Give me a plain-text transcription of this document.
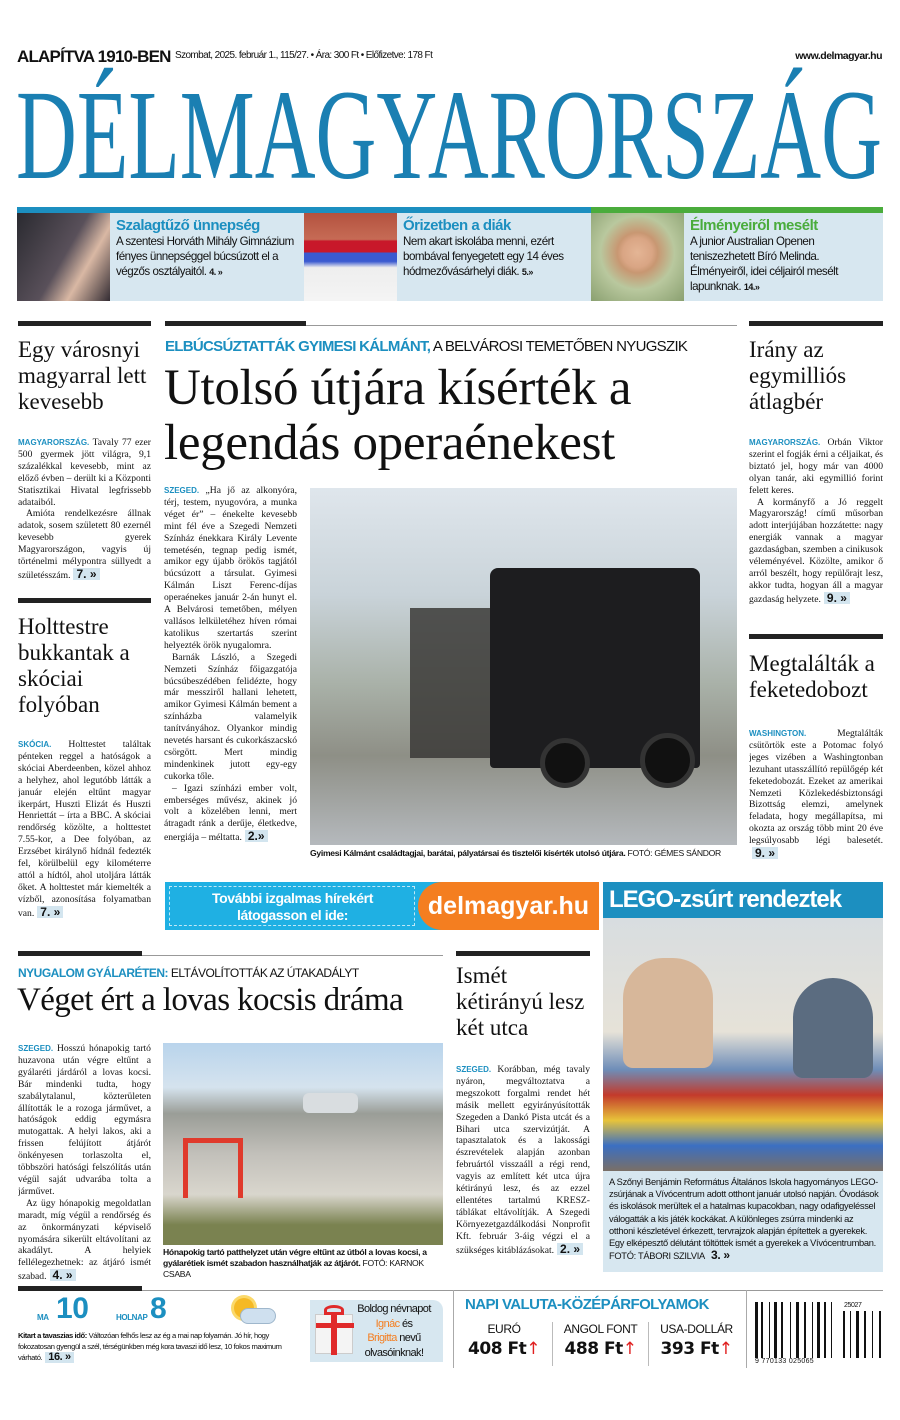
ALAPÍTVA 1910-BEN Szombat, 2025. február 1., 115/27. • Ára: 300 Ft • Előfizetve: 178 Ft	www.delmagyar.hu
DÉLMAGYARORSZÁG
Szalagtűző ünnepség

A szentesi Horváth Mihály Gimnázium fényes ünnepséggel búcsúzott el a végzős osztályaitól. 4. »

Őrizetben a diák

Nem akart iskolába menni, ezért bombával fenyegetett egy 14 éves hódmezővásárhelyi diák. 5.»

Élményeiről mesélt

A junior Australian Openen teniszezhetett Bíró Melinda. Élményeiről, idei céljairól mesélt lapunknak. 14.»

Egy városnyi magyarral lett kevesebb

MAGYARORSZÁG. Tavaly 77 ezer 500 gyermek jött világra, 9,1 százalékkal kevesebb, mint az előző évben – derült ki a Központi Statisztikai Hivatal legfrissebb adataiból.

Amióta rendelkezésre állnak adatok, sosem született 80 ezernél kevesebb gyerek Magyarországon, vagyis új történelmi mélypontra süllyedt a születésszám. 7. »

Holttestre bukkantak a skóciai folyóban

SKÓCIA. Holttestet találtak pénteken reggel a hatóságok a skóciai Aberdeenben, közel ahhoz a helyhez, ahol legutóbb látták a január elején eltűnt magyar ikerpárt, Huszti Elizát és Huszti Henriettát – írta a BBC. A skóciai rendőrség közölte, a holttestet 7.55-kor, a Dee folyóban, az Erzsébet királynő hídnál fedezték fel, körülbelül egy kilométerre attól a hídtól, ahol utoljára látták őket. A holttestet már kiemelték a vízből, azonosítása folyamatban van. 7. »

ELBÚCSÚZTATTÁK GYIMESI KÁLMÁNT, A BELVÁROSI TEMETŐBEN NYUGSZIK
Utolsó útjára kísérték a legendás operaénekest

SZEGED. „Ha jő az alkonyóra, térj, testem, nyugovóra, a munka véget ér” – énekelte kevesebb mint fél éve a Szegedi Nemzeti Színház énekkara Király Levente temetésén, tegnap pedig ismét, amikor egy újabb örökös tagjától búcsúzott a társulat. Gyimesi Kálmán Liszt Ferenc-díjas operaénekes január 2-án hunyt el. A Belvárosi temetőben, mélyen vallásos lelkületéhez híven római katolikus szertartás szerint helyezték örök nyugalomra.

Barnák László, a Szegedi Nemzeti Színház főigazgatója búcsúbeszédében felidézte, hogy már messziről hallani lehetett, amikor Gyimesi Kálmán bement a színházba valamelyik tanítványához. Olyankor mindig nevetés harsant és cukorkászacskó csörgött. Mert mindig mindenkinek jutott egy-egy cukorka tőle.

– Igazi színházi ember volt, emberséges művész, akinek jó volt a közelében lenni, mert átragadt ránk a derűje, életkedve, energiája – méltatta. 2.»

Gyimesi Kálmánt családtagjai, barátai, pályatársai és tisztelői kísérték utolsó útjára. FOTÓ: GÉMES SÁNDOR
Irány az egymilliós átlagbér

MAGYARORSZÁG. Orbán Viktor szerint el fogják érni a céljaikat, és biztató jel, hogy már van 4000 olyan tanár, aki egymillió forint felett keres.

A kormányfő a Jó reggelt Magyarország! című műsorban adott interjújában hozzátette: nagy energiák vannak a magyar gazdaságban, szemben a cinikusok véleményével. Közölte, amikor ő arról beszélt, hogy repülőrajt lesz, akkor tudta, hogyan áll a magyar gazdaság helyzete. 9. »

Megtalálták a feketedobozt

WASHINGTON.	Megtalálták csütörtök este a Potomac folyó jeges vizében a Washingtonban lezuhant utasszállító repülőgép két feketedobozát. Ezeket az amerikai Nemzeti Közlekedésbiztonsági Bizottság elemzi, amelynek feladata, hogy megállapítsa, mi okozta az ország több mint 20 éve legsúlyosabb légi balesetét.9. »

További izgalmas hírekért
látogasson el ide:	delmagyar.hu LEGO-zsúrt rendeztek
A Szőnyi Benjámin Református Általános Iskola hagyományos LEGO-zsúrjának a Vívócentrum adott otthont január utolsó napján. Óvodások és iskolások merültek el a hatalmas kupacokban, nagy odafigyeléssel válogatták a kis játék kockákat. A különleges zsúrra mindenki az otthoni készletével érkezett, tervrajzok alapján építettek a gyerekek. Egy elképesztő délutánt töltöttek ismét a gyerekek a Vívócentrumban. FOTÓ: TÁBORI SZILVIA 3. »
NYUGALOM GYÁLARÉTEN: ELTÁVOLÍTOTTÁK AZ ÚTAKADÁLYT
Véget ért a lovas kocsis dráma

SZEGED. Hosszú hónapokig tartó huzavona után végre eltűnt a gyálaréti járdáról a lovas kocsi. Bár mindenki tudta, hogy szabálytalanul, közterületen állították le a rozoga járművet, a hatóságok eddig egymásra mutogattak. A helyi lakos, aki a frissen felújított átjárót önkényesen torlaszolta el, többszöri hatósági felszólítás után végül saját udvarába tolta a járművet.

Az ügy hónapokig megoldatlan maradt, míg végül a rendőrség és az önkormányzati képviselő nyomására sikerült eltávolítani az akadályt. A helyiek fellélegezhetnek: az átjáró ismét szabad. 4. »

Hónapokig tartó patthelyzet után végre eltűnt az útból a lovas kocsi, a gyálarétiek ismét szabadon használhatják az átjárót. FOTÓ: KARNOK CSABA
Ismét kétirányú lesz két utca

SZEGED. Korábban, még tavaly nyáron, megváltoztatva a megszokott forgalmi rendet hét másik mellett egyirányúsították Szegeden a Dankó Pista utcát és a Bihari utca szervizútját. A tapasztalatok és a lakossági észrevételek alapján azonban februártól visszaáll a régi rend, vagyis az említett két utca újra kétirányú lesz, és az ezzel ellentétes tartalmú KRESZ-táblákat eltávolítják. A Szegedi Környezetgazdálkodási Nonprofit Kft. február 3-áig végzi el a szükséges kitáblázásokat. 2. »

MA 10	HOLNAP 8
Kitart a tavaszias idő: Változóan felhős lesz az ég a mai nap folyamán. Jó hír, hogy fokozatosan gyengül a szél, térségünkben még kora tavaszi idő lesz, 10 fokos maximum várható. 16. »
Boldog névnapot
Ignác és
Brigitta nevű
olvasóinknak!
NAPI VALUTA-KÖZÉPÁRFOLYAMOK
EURÓ
408 Ft↑
ANGOL FONT
488 Ft↑
USA-DOLLÁR
393 Ft↑
25027
9 770133 025065
